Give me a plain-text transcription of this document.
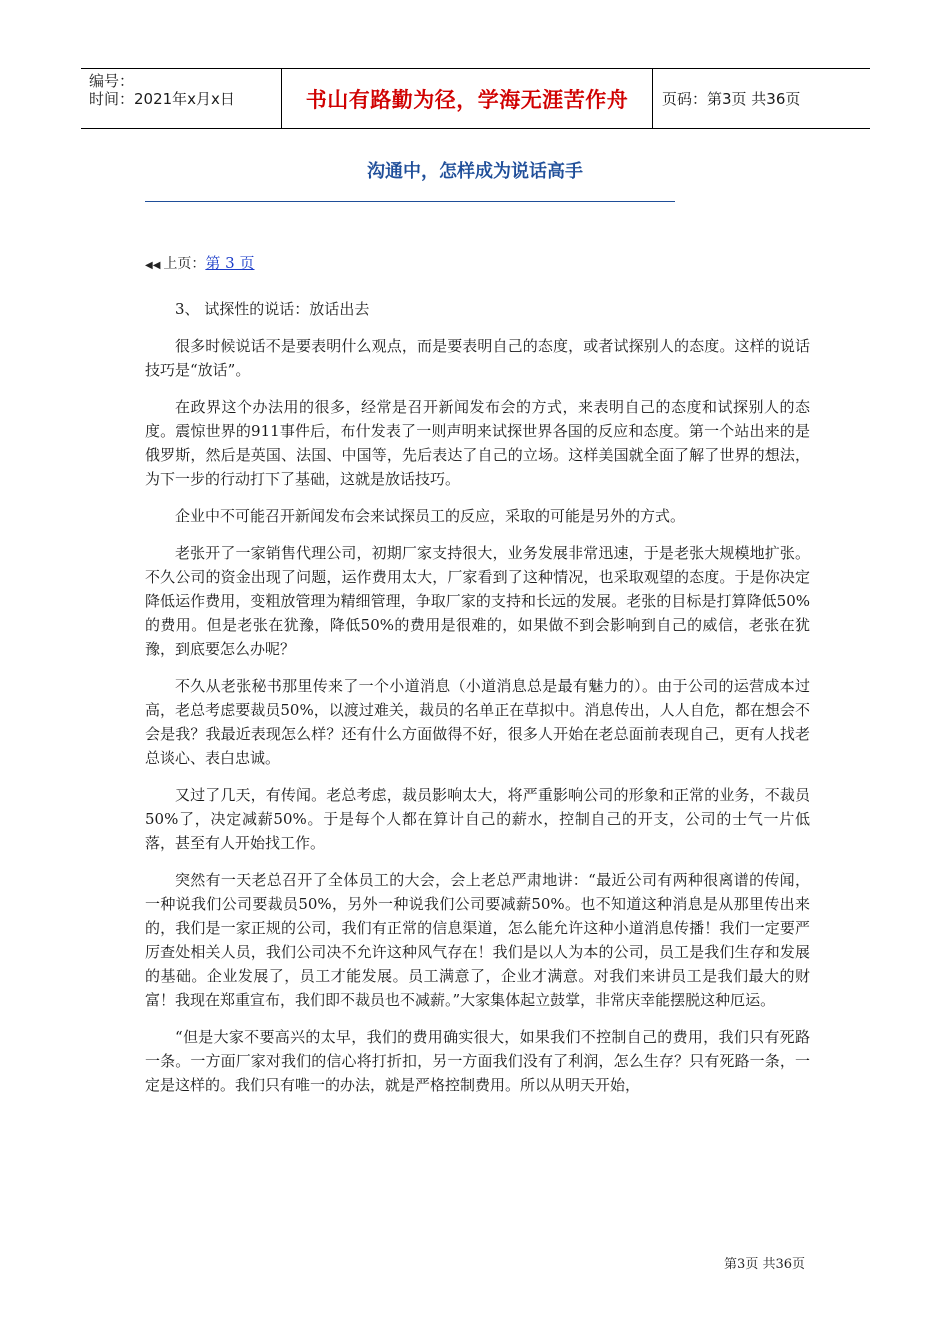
编号：
时间：2021年x月x日	书山有路勤为径，学海无涯苦作舟 页码：第3页 共36页
沟通中，怎样成为说话高手
◀◀ 上页：第 3 页

3、 试探性的说话：放话出去

很多时候说话不是要表明什么观点，而是要表明自己的态度，或者试探别人的态度。这样的说话技巧是“放话”。

在政界这个办法用的很多，经常是召开新闻发布会的方式，来表明自己的态度和试探别人的态度。震惊世界的911事件后，布什发表了一则声明来试探世界各国的反应和态度。第一个站出来的是俄罗斯，然后是英国、法国、中国等，先后表达了自己的立场。这样美国就全面了解了世界的想法，为下一步的行动打下了基础，这就是放话技巧。

企业中不可能召开新闻发布会来试探员工的反应，采取的可能是另外的方式。

老张开了一家销售代理公司，初期厂家支持很大，业务发展非常迅速，于是老张大规模地扩张。不久公司的资金出现了问题，运作费用太大，厂家看到了这种情况，也采取观望的态度。于是你决定降低运作费用，变粗放管理为精细管理，争取厂家的支持和长远的发展。老张的目标是打算降低50%的费用。但是老张在犹豫，降低50%的费用是很难的，如果做不到会影响到自己的威信，老张在犹豫，到底要怎么办呢？

不久从老张秘书那里传来了一个小道消息（小道消息总是最有魅力的）。由于公司的运营成本过高，老总考虑要裁员50%，以渡过难关，裁员的名单正在草拟中。消息传出，人人自危，都在想会不会是我？我最近表现怎么样？还有什么方面做得不好，很多人开始在老总面前表现自己，更有人找老总谈心、表白忠诚。

又过了几天，有传闻。老总考虑，裁员影响太大，将严重影响公司的形象和正常的业务，不裁员50%了，决定减薪50%。于是每个人都在算计自己的薪水，控制自己的开支，公司的士气一片低落，甚至有人开始找工作。

突然有一天老总召开了全体员工的大会，会上老总严肃地讲：“最近公司有两种很离谱的传闻，一种说我们公司要裁员50%，另外一种说我们公司要减薪50%。也不知道这种消息是从那里传出来的，我们是一家正规的公司，我们有正常的信息渠道，怎么能允许这种小道消息传播！我们一定要严厉查处相关人员，我们公司决不允许这种风气存在！我们是以人为本的公司，员工是我们生存和发展的基础。企业发展了，员工才能发展。员工满意了，企业才满意。对我们来讲员工是我们最大的财富！我现在郑重宣布，我们即不裁员也不减薪。”大家集体起立鼓掌，非常庆幸能摆脱这种厄运。

“但是大家不要高兴的太早，我们的费用确实很大，如果我们不控制自己的费用，我们只有死路一条。一方面厂家对我们的信心将打折扣，另一方面我们没有了利润，怎么生存？只有死路一条，一定是这样的。我们只有唯一的办法，就是严格控制费用。所以从明天开始，

第3页 共36页
